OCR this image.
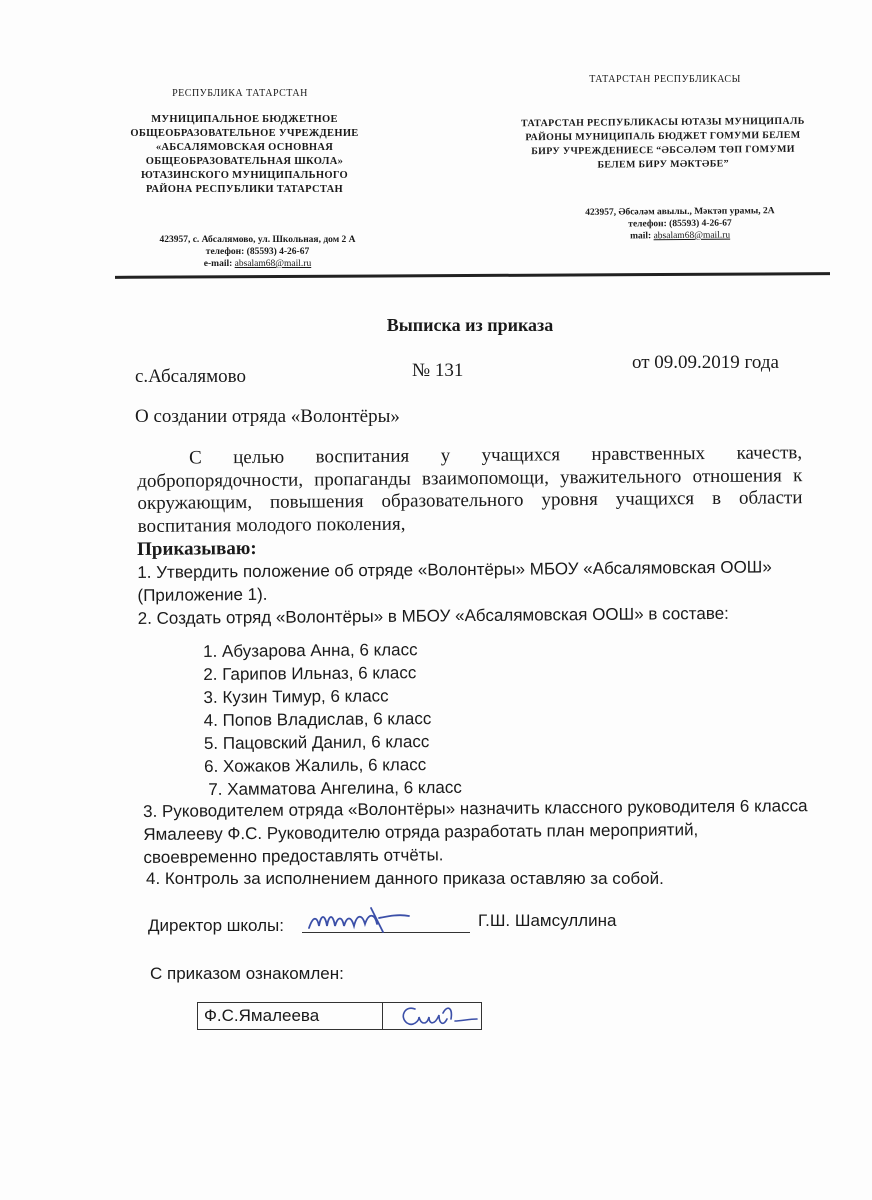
РЕСПУБЛИКА ТАТАРСТАН
МУНИЦИПАЛЬНОЕ БЮДЖЕТНОЕ
ОБЩЕОБРАЗОВАТЕЛЬНОЕ УЧРЕЖДЕНИЕ
«АБСАЛЯМОВСКАЯ ОСНОВНАЯ
ОБЩЕОБРАЗОВАТЕЛЬНАЯ ШКОЛА»
ЮТАЗИНСКОГО МУНИЦИПАЛЬНОГО
РАЙОНА РЕСПУБЛИКИ ТАТАРСТАН
423957, с. Абсалямово, ул. Школьная, дом 2 А
телефон: (85593) 4-26-67
e-mail: absalam68@mail.ru
ТАТАРСТАН РЕСПУБЛИКАСЫ
ТАТАРСТАН РЕСПУБЛИКАСЫ ЮТАЗЫ МУНИЦИПАЛЬ
РАЙОНЫ МУНИЦИПАЛЬ БЮДЖЕТ ГОМУМИ БЕЛЕМ
БИРУ УЧРЕЖДЕНИЕСЕ “ӘБСӘЛӘМ ТӨП ГОМУМИ
БЕЛЕМ БИРУ МӘКТӘБЕ”
423957, Әбсәләм авылы., Мәктәп урамы, 2А
телефон: (85593) 4-26-67
mail: absalam68@mail.ru
Выписка из приказа
с.Абсалямово	№ 131	от 09.09.2019 года
О создании отряда «Волонтёры»
С целью воспитания у учащихся нравственных качеств, добропорядочности, пропаганды взаимопомощи, уважительного отношения к окружающим, повышения образовательного уровня учащихся в области воспитания молодого поколения,
Приказываю:
1. Утвердить положение об отряде «Волонтёры» МБОУ «Абсалямовская ООШ» (Приложение 1).
2. Создать отряд «Волонтёры» в МБОУ «Абсалямовская ООШ» в составе:
1. Абузарова Анна, 6 класс
2. Гарипов Ильназ, 6 класс
3. Кузин Тимур, 6 класс
4. Попов Владислав, 6 класс
5. Пацовский Данил, 6 класс
6. Хожаков Жалиль, 6 класс
7. Хамматова Ангелина, 6 класс
3. Руководителем отряда «Волонтёры» назначить классного руководителя 6 класса Ямалееву Ф.С. Руководителю отряда разработать план мероприятий, своевременно предоставлять отчёты.
4. Контроль за исполнением данного приказа оставляю за собой.
Директор школы:	Г.Ш. Шамсуллина
С приказом ознакомлен:
Ф.С.Ямалеева	
